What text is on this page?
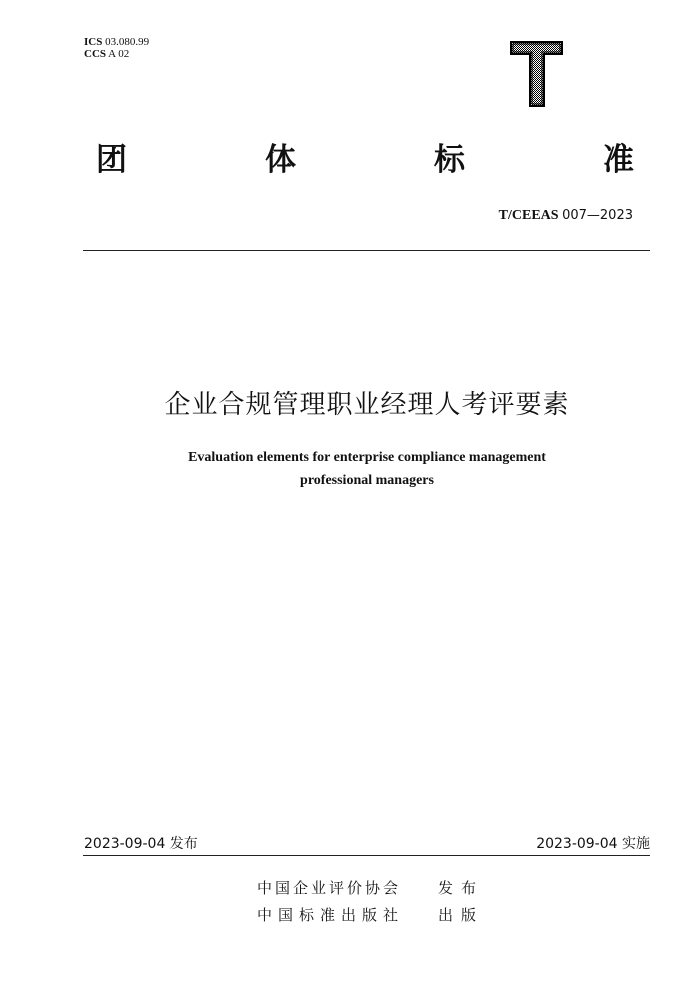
ICS 03.080.99
CCS A 02
团	体	标	准
T/CEEAS 007—2023
企业合规管理职业经理人考评要素
Evaluation elements for enterprise compliance management
professional managers
2023-09-04 发布	2023-09-04 实施
中国企业评价协会 发布
中国标准出版社 出版
